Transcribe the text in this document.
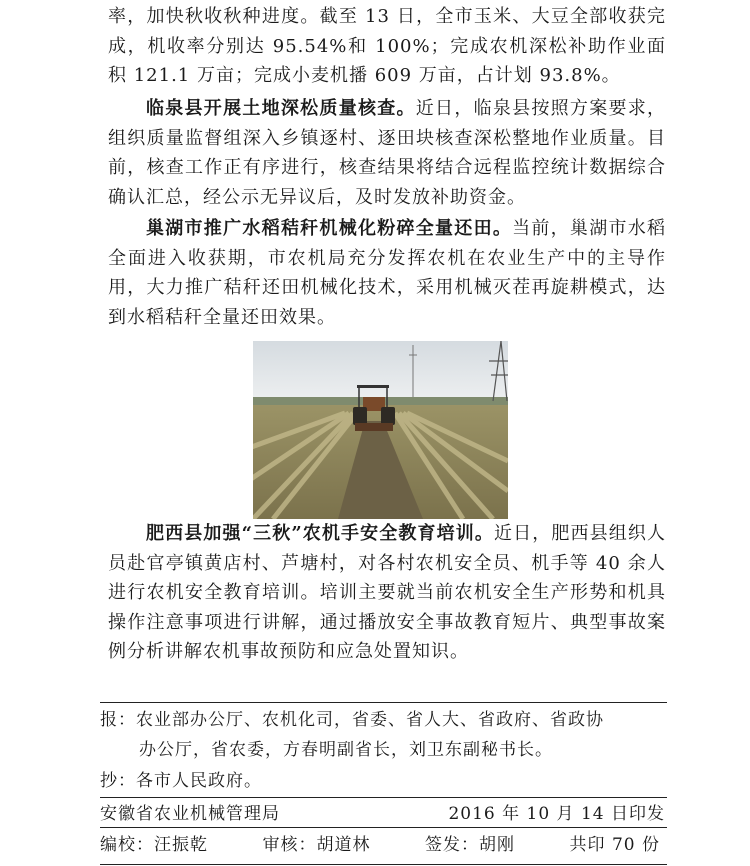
率，加快秋收秋种进度。截至 13 日，全市玉米、大豆全部收获完成，机收率分别达 95.54%和 100%；完成农机深松补助作业面积 121.1 万亩；完成小麦机播 609 万亩，占计划 93.8%。

临泉县开展土地深松质量核查。近日，临泉县按照方案要求，组织质量监督组深入乡镇逐村、逐田块核查深松整地作业质量。目前，核查工作正有序进行，核查结果将结合远程监控统计数据综合确认汇总，经公示无异议后，及时发放补助资金。

巢湖市推广水稻秸秆机械化粉碎全量还田。当前，巢湖市水稻全面进入收获期，市农机局充分发挥农机在农业生产中的主导作用，大力推广秸秆还田机械化技术，采用机械灭茬再旋耕模式，达到水稻秸秆全量还田效果。

肥西县加强“三秋”农机手安全教育培训。近日，肥西县组织人员赴官亭镇黄店村、芦塘村，对各村农机安全员、机手等 40 余人进行农机安全教育培训。培训主要就当前农机安全生产形势和机具操作注意事项进行讲解，通过播放安全事故教育短片、典型事故案例分析讲解农机事故预防和应急处置知识。

报：农业部办公厅、农机化司，省委、省人大、省政府、省政协
办公厅，省农委，方春明副省长，刘卫东副秘书长。
抄：各市人民政府。
安徽省农业机械管理局	2016 年 10 月 14 日印发
编校：汪振乾	审核：胡道林	签发：胡刚	共印 70 份
